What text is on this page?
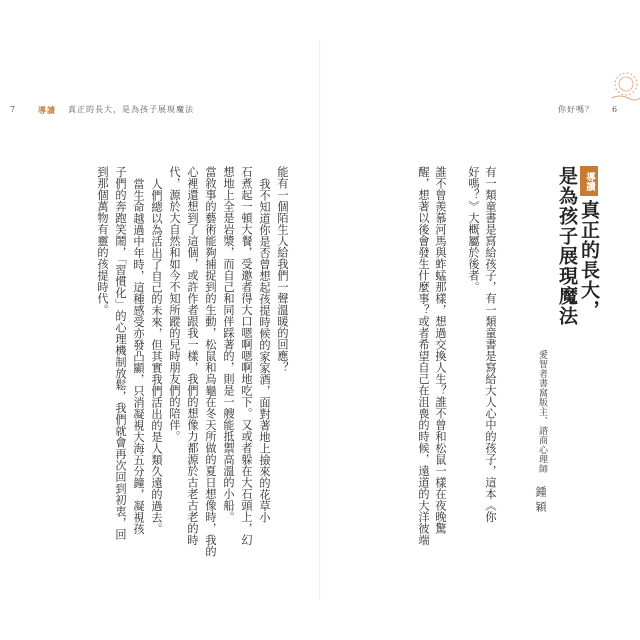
7	導讀 真正的長大，是為孩子展現魔法	你好嗎？ 6
導讀
真正的長大，
是為孩子展現魔法
愛智者書窩版主、諮商心理師
鍾穎
有一類童書是寫給孩子，有一類童書是寫給大人心中的孩子，這本《你
好嗎？》大概屬於後者。
誰不曾羨慕河馬與蚱蜢那樣，想過交換人生？誰不曾和松鼠一樣在夜晚驚
醒，想著以後會發生什麼事？或者希望自己在沮喪的時候，遠道的大洋彼端
能有一個陌生人給我們一聲溫暖的回應？
我不知道你是否曾想起孩提時候的家家酒，面對著地上撿來的花草小
石煮起一頓大餐，受邀者得大口嗯啊嗯啊地吃下。又或者躲在大石頭上，幻
想地上全是岩漿，而自己和同伴踩著的，則是一艘能抵禦高溫的小船。
當敘事的藝術能夠捕捉到的生動，松鼠和烏龜在冬天所做的夏日想像時，我的
心裡還想到了這個，或許作者跟我一樣，我們的想像力都源於古老古老的時
代，源於大自然和如今不知所蹤的兒時朋友們的陪伴。
人們總以為活出了自己的未來，但其實我們活出的是人類久遠的過去。
當生命越過中年時，這種感受亦發凸顯，只消凝視大海五分鐘，凝視孩
子們的奔跑笑鬧，「習慣化」的心理機制放鬆，我們就會再次回到初衷，回
到那個萬物有靈的孩提時代。
